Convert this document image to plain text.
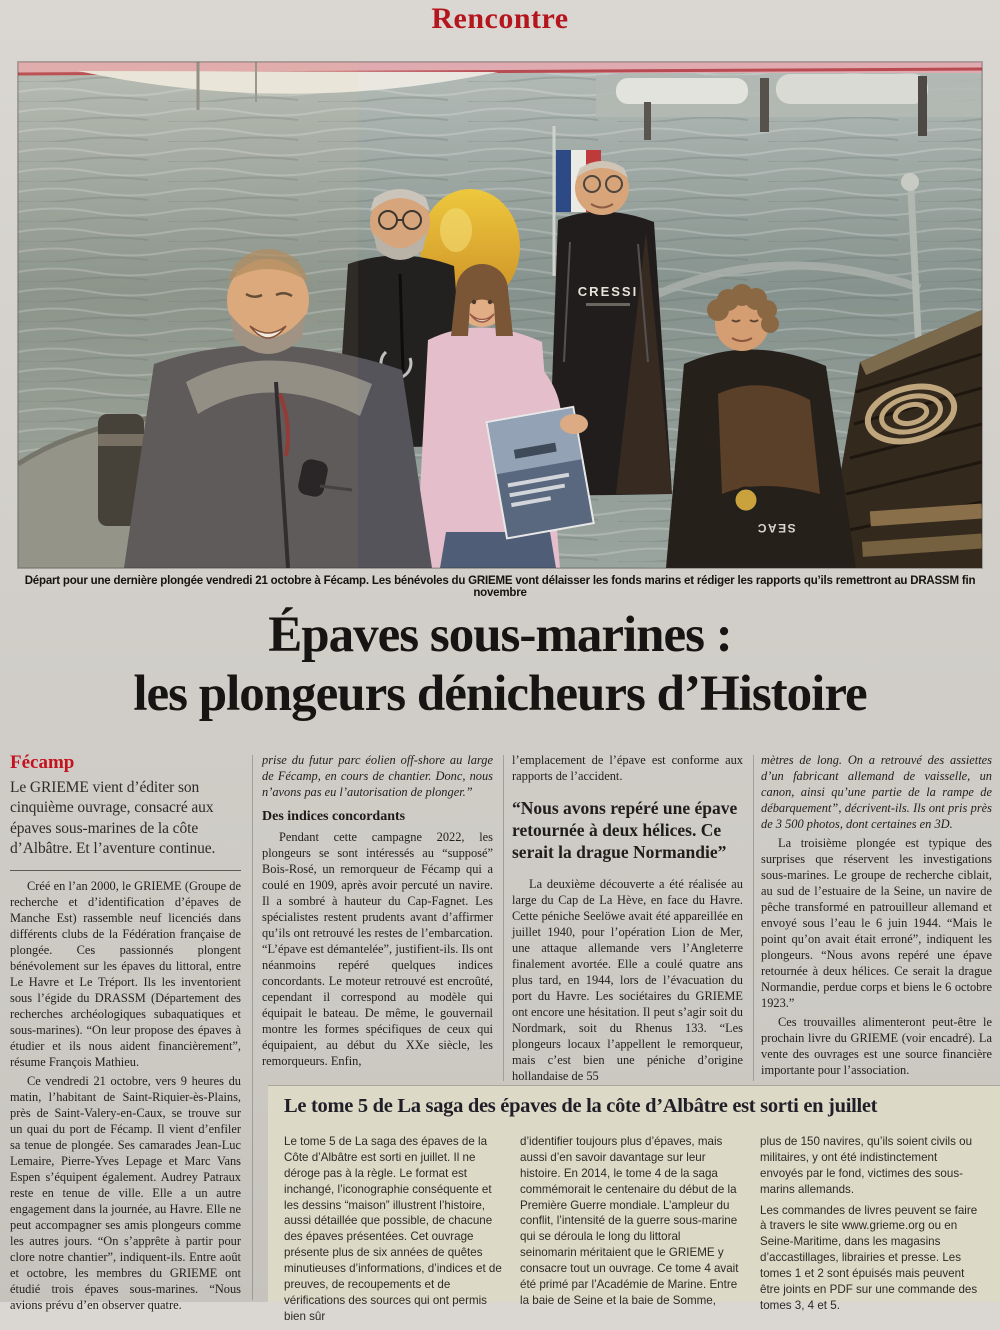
Rencontre
CRESSI
SEAC
Départ pour une dernière plongée vendredi 21 octobre à Fécamp. Les bénévoles du GRIEME vont délaisser les fonds marins et rédiger les rapports qu’ils remettront au DRASSM fin novembre
Épaves sous-marines :
les plongeurs dénicheurs d’Histoire

Fécamp

Le GRIEME vient d’éditer son cinquième ouvrage, consacré aux épaves sous-marines de la côte d’Albâtre. Et l’aventure continue.

Créé en l’an 2000, le GRIEME (Groupe de recherche et d’identification d’épaves de Manche Est) rassemble neuf licenciés dans différents clubs de la Fédération française de plongée. Ces passionnés plongent bénévolement sur les épaves du littoral, entre Le Havre et Le Tréport. Ils les inventorient sous l’égide du DRASSM (Département des recherches archéologiques subaquatiques et sous-marines). “On leur propose des épaves à étudier et ils nous aident financièrement”, résume François Mathieu.

Ce vendredi 21 octobre, vers 9 heures du matin, l’habitant de Saint-Riquier-ès-Plains, près de Saint-Valery-en-Caux, se trouve sur un quai du port de Fécamp. Il vient d’enfiler sa tenue de plongée. Ses camarades Jean-Luc Lemaire, Pierre-Yves Lepage et Marc Vans Espen s’équipent également. Audrey Patraux reste en tenue de ville. Elle a un autre engagement dans la journée, au Havre. Elle ne peut accompagner ses amis plongeurs comme les autres jours. “On s’apprête à partir pour clore notre chantier”, indiquent-ils. Entre août et octobre, les membres du GRIEME ont étudié trois épaves sous-marines. “Nous avions prévu d’en observer quatre.

prise du futur parc éolien off-shore au large de Fécamp, en cours de chantier. Donc, nous n’avons pas eu l’autorisation de plonger.”

Des indices concordants

Pendant cette campagne 2022, les plongeurs se sont intéressés au “supposé” Bois-Rosé, un remorqueur de Fécamp qui a coulé en 1909, après avoir percuté un navire. Il a sombré à hauteur du Cap-Fagnet. Les spécialistes restent prudents avant d’affirmer qu’ils ont retrouvé les restes de l’embarcation. “L’épave est démantelée”, justifient-ils. Ils ont néanmoins repéré quelques indices concordants. Le moteur retrouvé est encroûté, cependant il correspond au modèle qui équipait le bateau. De même, le gouvernail montre les formes spécifiques de ceux qui équipaient, au début du XXe siècle, les remorqueurs. Enfin,

l’emplacement de l’épave est conforme aux rapports de l’accident.

“Nous avons repéré une épave retournée à deux hélices. Ce serait la drague Normandie”

La deuxième découverte a été réalisée au large du Cap de La Hève, en face du Havre. Cette péniche Seelöwe avait été appareillée en juillet 1940, pour l’opération Lion de Mer, une attaque allemande vers l’Angleterre finalement avortée. Elle a coulé quatre ans plus tard, en 1944, lors de l’évacuation du port du Havre. Les sociétaires du GRIEME ont encore une hésitation. Il peut s’agir soit du Nordmark, soit du Rhenus 133. “Les plongeurs locaux l’appellent le remorqueur, mais c’est bien une péniche d’origine hollandaise de 55

mètres de long. On a retrouvé des assiettes d’un fabricant allemand de vaisselle, un canon, ainsi qu’une partie de la rampe de débarquement”, décrivent-ils. Ils ont pris près de 3 500 photos, dont certaines en 3D.

La troisième plongée est typique des surprises que réservent les investigations sous-marines. Le groupe de recherche ciblait, au sud de l’estuaire de la Seine, un navire de pêche transformé en patrouilleur allemand et envoyé sous l’eau le 6 juin 1944. “Mais le point qu’on avait était erroné”, indiquent les plongeurs. “Nous avons repéré une épave retournée à deux hélices. Ce serait la drague Normandie, perdue corps et biens le 6 octobre 1923.”

Ces trouvailles alimenteront peut-être le prochain livre du GRIEME (voir encadré). La vente des ouvrages est une source financière importante pour l’association.

Le tome 5 de La saga des épaves de la côte d’Albâtre est sorti en juillet

Le tome 5 de La saga des épaves de la Côte d’Albâtre est sorti en juillet. Il ne déroge pas à la règle. Le format est inchangé, l’iconographie conséquente et les dessins “maison” illustrent l’histoire, aussi détaillée que possible, de chacune des épaves présentées. Cet ouvrage présente plus de six années de quêtes minutieuses d’informations, d’indices et de preuves, de recoupements et de vérifications des sources qui ont permis bien sûr

d’identifier toujours plus d’épaves, mais aussi d’en savoir davantage sur leur histoire. En 2014, le tome 4 de la saga commémorait le centenaire du début de la Première Guerre mondiale. L’ampleur du conflit, l’intensité de la guerre sous-marine qui se déroula le long du littoral seinomarin méritaient que le GRIEME y consacre tout un ouvrage. Ce tome 4 avait été primé par l’Académie de Marine. Entre la baie de Seine et la baie de Somme,

plus de 150 navires, qu’ils soient civils ou militaires, y ont été indistinctement envoyés par le fond, victimes des sous-marins allemands.

Les commandes de livres peuvent se faire à travers le site www.grieme.org ou en Seine-Maritime, dans les magasins d’accastillages, librairies et presse. Les tomes 1 et 2 sont épuisés mais peuvent être joints en PDF sur une commande des tomes 3, 4 et 5.
